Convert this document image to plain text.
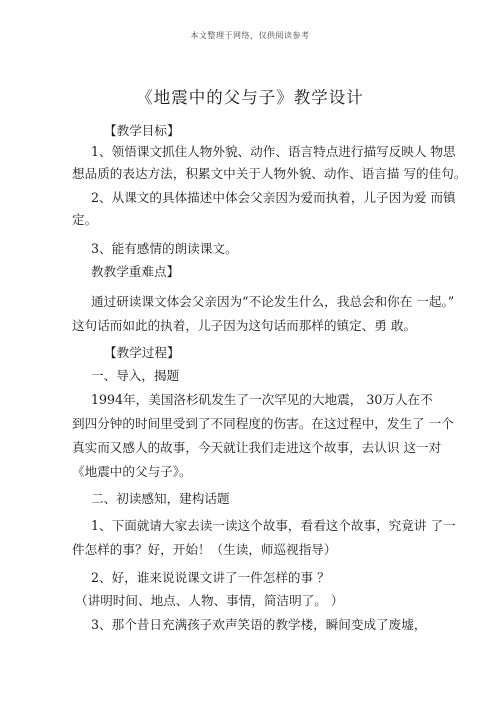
本文整理于网络，仅供阅读参考
《地震中的父与子》教学设计
【教学目标】
1、领悟课文抓住人物外貌、动作、语言特点进行描写反映人 物思
想品质的表达方法，积累文中关于人物外貌、动作、语言描 写的佳句。
2、从课文的具体描述中体会父亲因为爱而执着，儿子因为爱 而镇
定。
3、能有感情的朗读课文。
教教学重难点】
通过研读课文体会父亲因为“不论发生什么，我总会和你在 一起。”
这句话而如此的执着，儿子因为这句话而那样的镇定、勇 敢。
【教学过程】
一、导入，揭题
1994年，美国洛杉矶发生了一次罕见的大地震， 30万人在不
到四分钟的时间里受到了不同程度的伤害。在这过程中，发生了 一个
真实而又感人的故事，今天就让我们走进这个故事，去认识 这一对
《地震中的父与子》。
二、初读感知，建构话题
1、下面就请大家去读一读这个故事，看看这个故事，究竟讲 了一
件怎样的事？好，开始！（生读，师巡视指导）
2、好，谁来说说课文讲了一件怎样的事 ？
（讲明时间、地点、人物、事情，简洁明了。 ）
3、那个昔日充满孩子欢声笑语的教学楼，瞬间变成了废墟，
